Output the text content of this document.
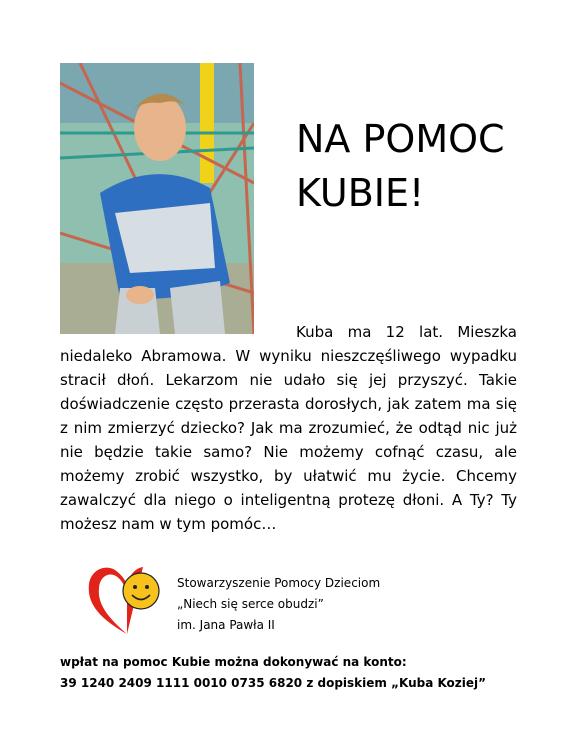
NA POMOC
KUBIE!
Kuba ma 12 lat. Mieszka niedaleko Abramowa. W wyniku nieszczęśliwego wypadku stracił dłoń. Lekarzom nie udało się jej przyszyć. Takie doświadczenie często przerasta dorosłych, jak zatem ma się z nim zmierzyć dziecko? Jak ma zrozumieć, że odtąd nic już nie będzie takie samo? Nie możemy cofnąć czasu, ale możemy zrobić wszystko, by ułatwić mu życie. Chcemy zawalczyć dla niego o inteligentną protezę dłoni. A Ty? Ty możesz nam w tym pomóc…
Stowarzyszenie Pomocy Dzieciom
„Niech się serce obudzi”
im. Jana Pawła II
wpłat na pomoc Kubie można dokonywać na konto:
39 1240 2409 1111 0010 0735 6820 z dopiskiem „Kuba Koziej”
